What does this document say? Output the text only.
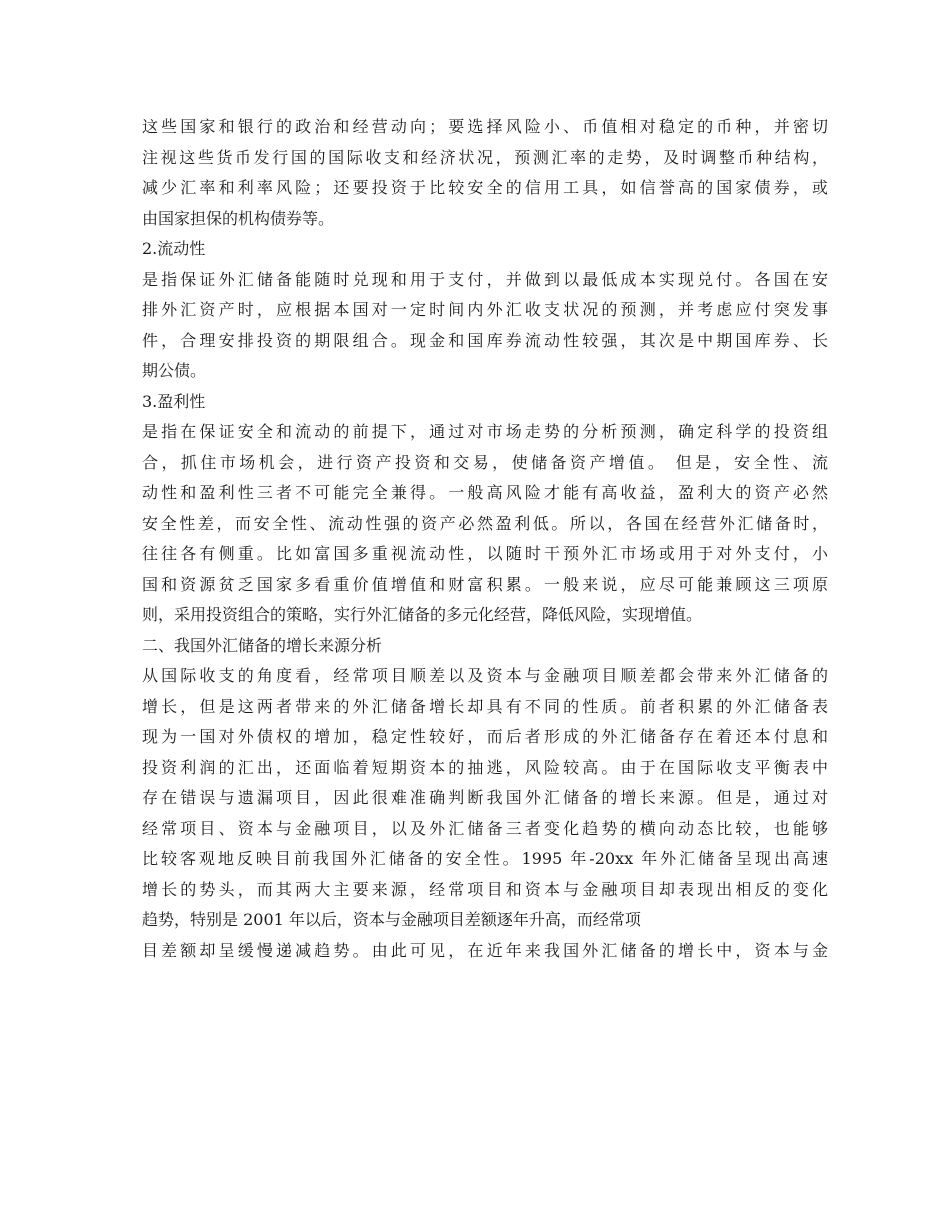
这些国家和银行的政治和经营动向；要选择风险小、币值相对稳定的币种，并密切
注视这些货币发行国的国际收支和经济状况，预测汇率的走势，及时调整币种结构，
减少汇率和利率风险；还要投资于比较安全的信用工具，如信誉高的国家债券，或
由国家担保的机构债券等。
2.流动性
是指保证外汇储备能随时兑现和用于支付，并做到以最低成本实现兑付。各国在安
排外汇资产时，应根据本国对一定时间内外汇收支状况的预测，并考虑应付突发事
件，合理安排投资的期限组合。现金和国库券流动性较强，其次是中期国库券、长
期公债。
3.盈利性
是指在保证安全和流动的前提下，通过对市场走势的分析预测，确定科学的投资组
合，抓住市场机会，进行资产投资和交易，使储备资产增值。 但是，安全性、流
动性和盈利性三者不可能完全兼得。一般高风险才能有高收益，盈利大的资产必然
安全性差，而安全性、流动性强的资产必然盈利低。所以，各国在经营外汇储备时，
往往各有侧重。比如富国多重视流动性，以随时干预外汇市场或用于对外支付，小
国和资源贫乏国家多看重价值增值和财富积累。一般来说，应尽可能兼顾这三项原
则，采用投资组合的策略，实行外汇储备的多元化经营，降低风险，实现增值。
二、我国外汇储备的增长来源分析
从国际收支的角度看，经常项目顺差以及资本与金融项目顺差都会带来外汇储备的
增长，但是这两者带来的外汇储备增长却具有不同的性质。前者积累的外汇储备表
现为一国对外债权的增加，稳定性较好，而后者形成的外汇储备存在着还本付息和
投资利润的汇出，还面临着短期资本的抽逃，风险较高。由于在国际收支平衡表中
存在错误与遗漏项目，因此很难准确判断我国外汇储备的增长来源。但是，通过对
经常项目、资本与金融项目，以及外汇储备三者变化趋势的横向动态比较，也能够
比较客观地反映目前我国外汇储备的安全性。1995 年-20xx 年外汇储备呈现出高速
增长的势头，而其两大主要来源，经常项目和资本与金融项目却表现出相反的变化
趋势，特别是 2001 年以后，资本与金融项目差额逐年升高，而经常项
目差额却呈缓慢递减趋势。由此可见，在近年来我国外汇储备的增长中，资本与金
